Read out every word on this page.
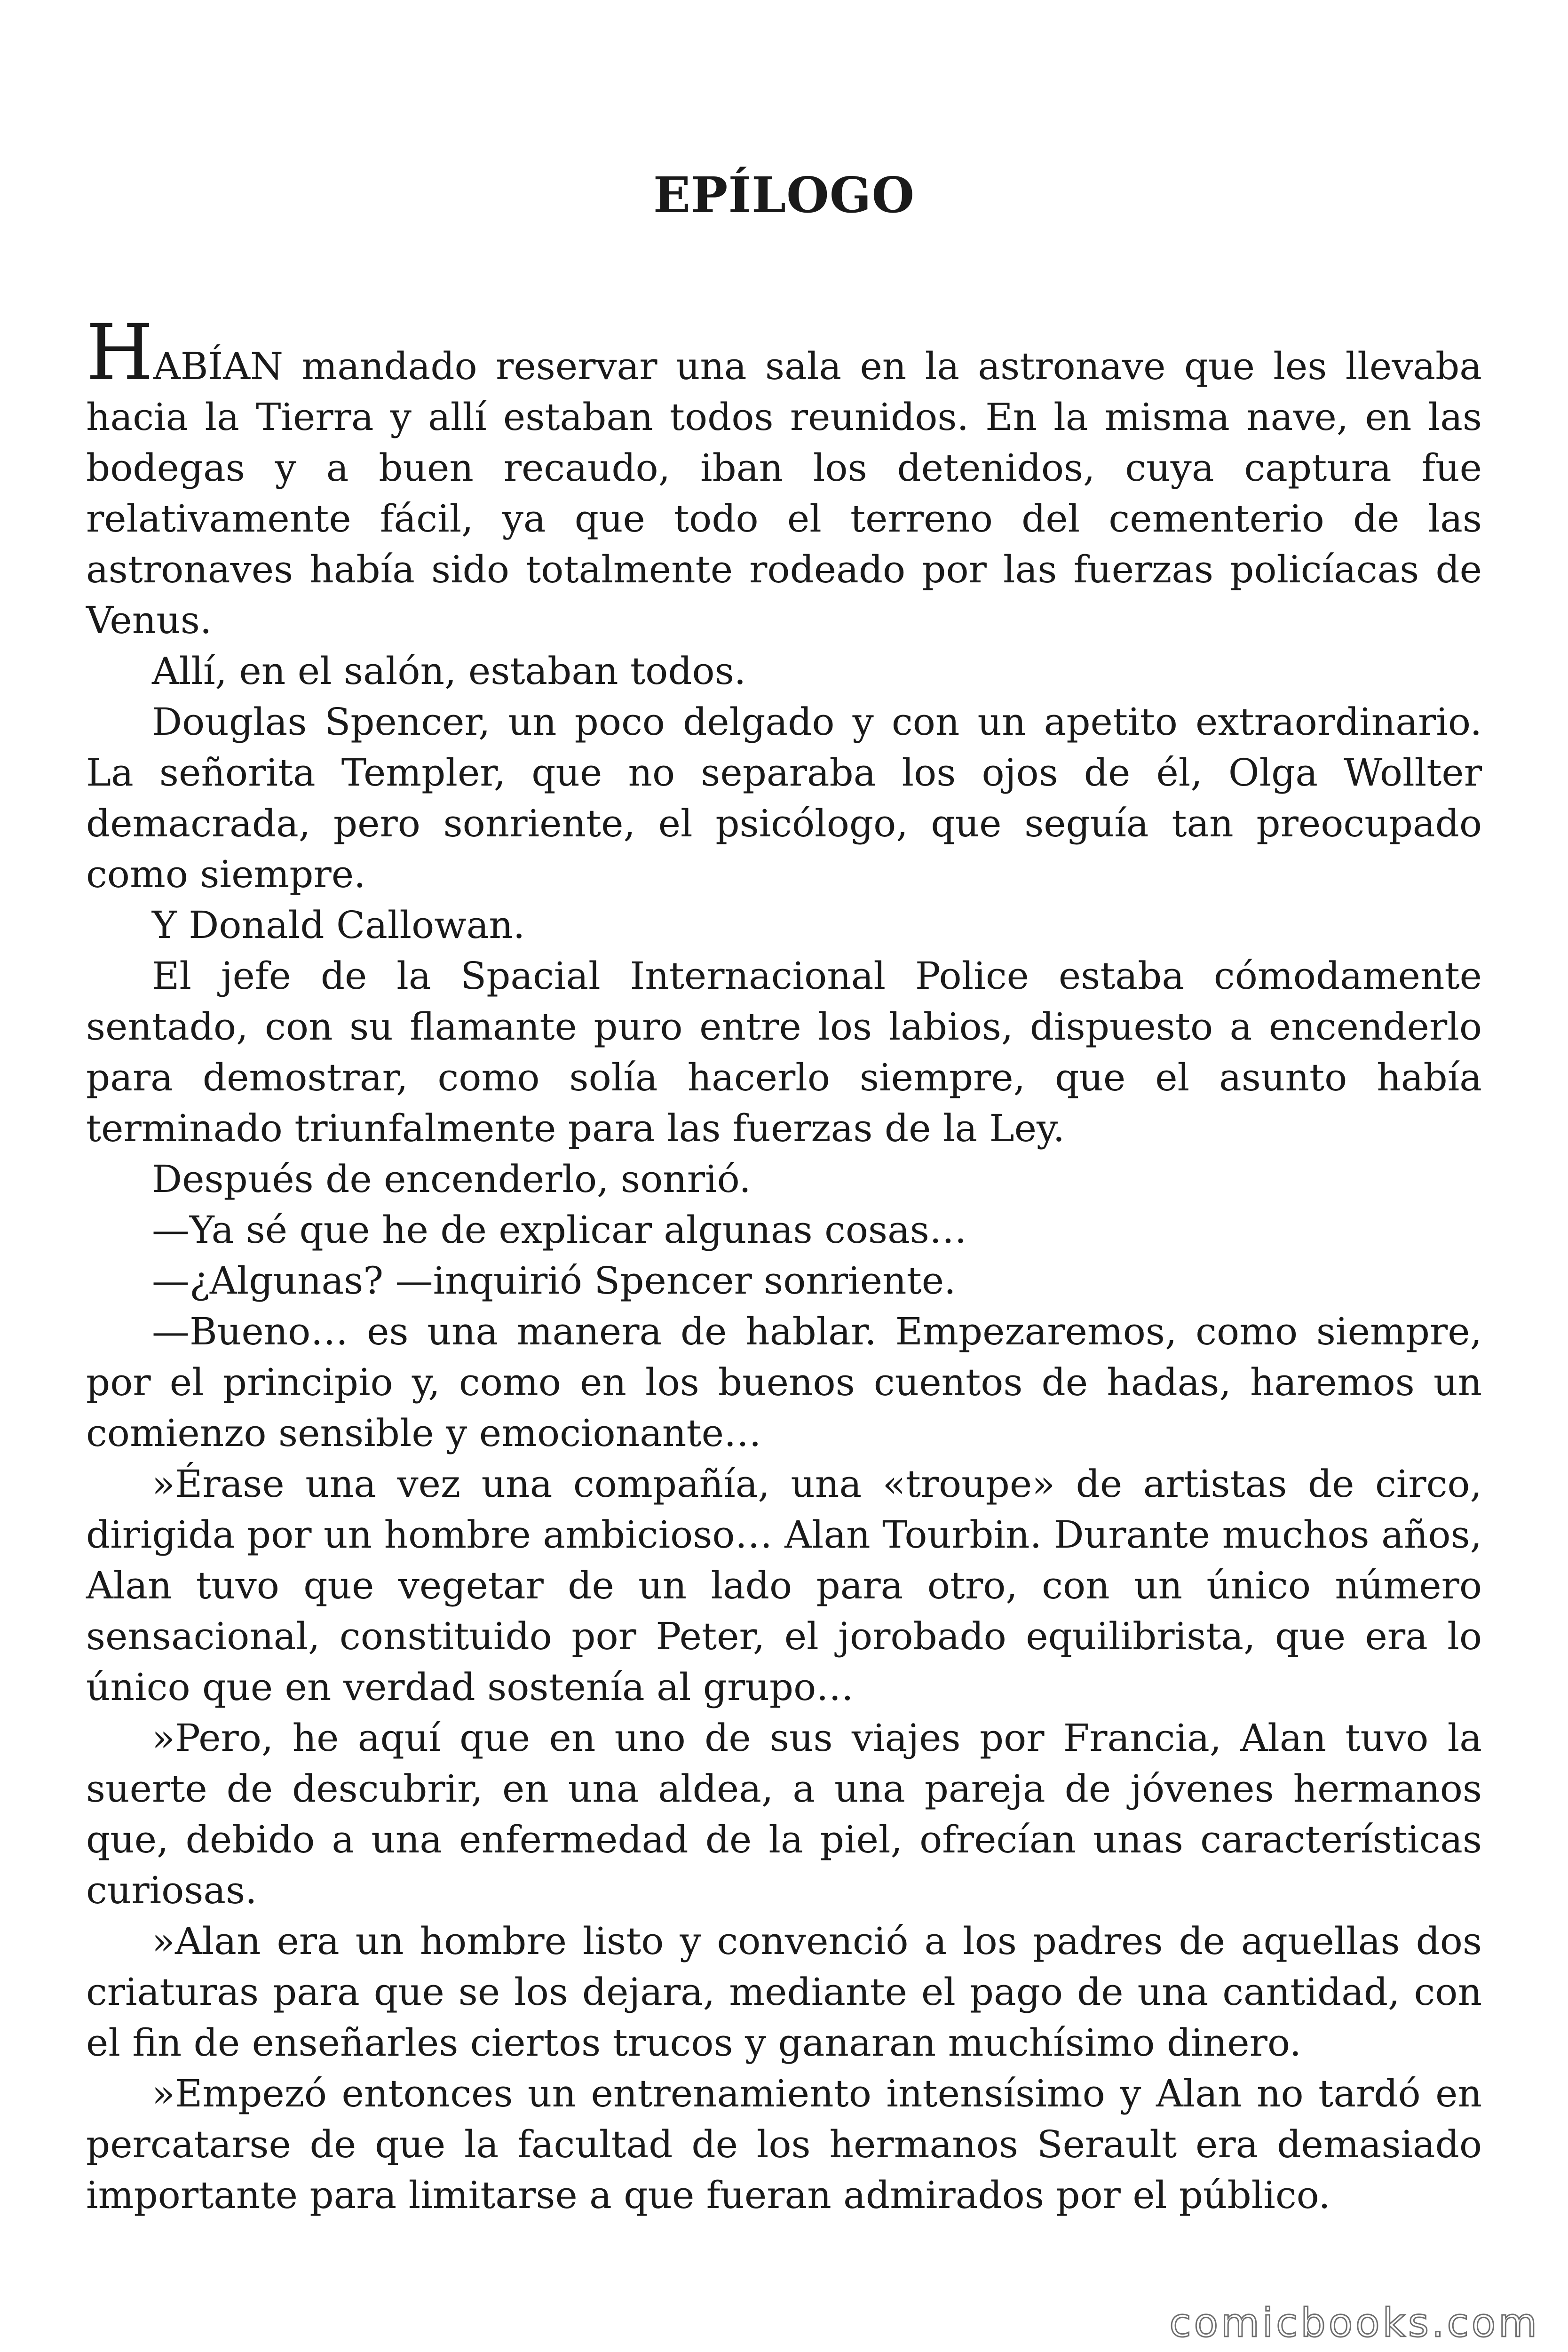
EPÍLOGO

HABÍAN mandado reservar una sala en la astronave que les llevaba hacia la Tierra y allí estaban todos reunidos. En la misma nave, en las bodegas y a buen recaudo, iban los detenidos, cuya captura fue relativamente fácil, ya que todo el terreno del cementerio de las astronaves había sido totalmente rodeado por las fuerzas policíacas de Venus.

Allí, en el salón, estaban todos.

Douglas Spencer, un poco delgado y con un apetito extraordinario. La señorita Templer, que no separaba los ojos de él, Olga Wollter demacrada, pero sonriente, el psicólogo, que seguía tan preocupado como siempre.

Y Donald Callowan.

El jefe de la Spacial Internacional Police estaba cómodamente sentado, con su flamante puro entre los labios, dispuesto a encenderlo para demostrar, como solía hacerlo siempre, que el asunto había terminado triunfalmente para las fuerzas de la Ley.

Después de encenderlo, sonrió.

—Ya sé que he de explicar algunas cosas…

—¿Algunas? —inquirió Spencer sonriente.

—Bueno… es una manera de hablar. Empezaremos, como siempre, por el principio y, como en los buenos cuentos de hadas, haremos un comienzo sensible y emocionante…

»Érase una vez una compañía, una «troupe» de artistas de circo, dirigida por un hombre ambicioso… Alan Tourbin. Durante muchos años, Alan tuvo que vegetar de un lado para otro, con un único número sensacional, constituido por Peter, el jorobado equilibrista, que era lo único que en verdad sostenía al grupo…

»Pero, he aquí que en uno de sus viajes por Francia, Alan tuvo la suerte de descubrir, en una aldea, a una pareja de jóvenes hermanos que, debido a una enfermedad de la piel, ofrecían unas características curiosas.

»Alan era un hombre listo y convenció a los padres de aquellas dos criaturas para que se los dejara, mediante el pago de una cantidad, con el fin de enseñarles ciertos trucos y ganaran muchísimo dinero.

»Empezó entonces un entrenamiento intensísimo y Alan no tardó en percatarse de que la facultad de los hermanos Serault era demasiado importante para limitarse a que fueran admirados por el público.

comicbooks.com
